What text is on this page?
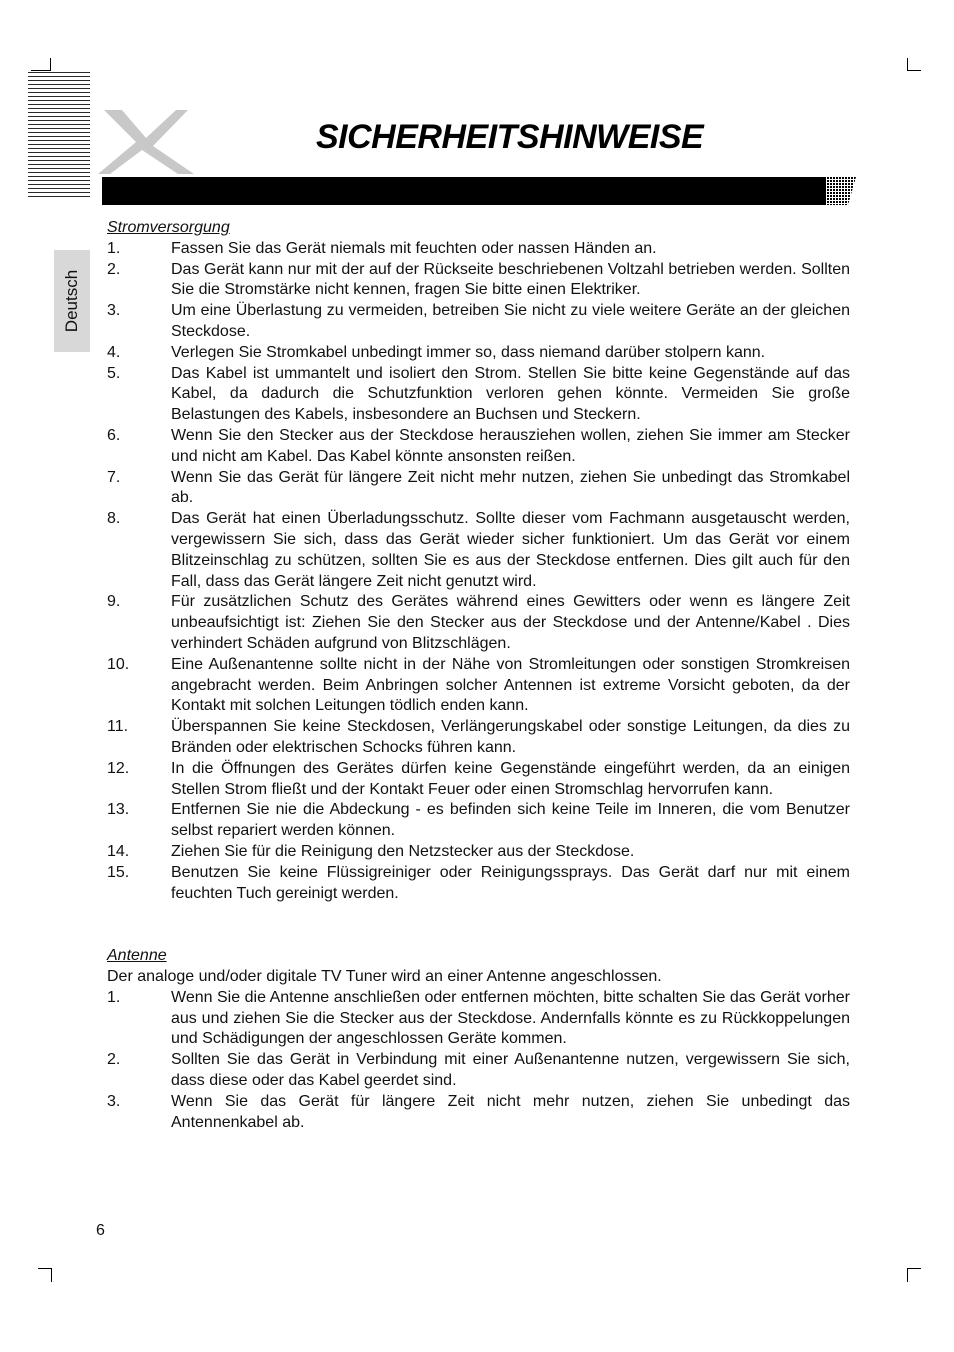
SICHERHEITSHINWEISE
Deutsch
Stromversorgung
1.	Fassen Sie das Gerät niemals mit feuchten oder nassen Händen an.
2.	Das Gerät kann nur mit der auf der Rückseite beschriebenen Voltzahl betrieben werden. Sollten Sie die Stromstärke nicht kennen, fragen Sie bitte einen Elektriker.
3.	Um eine Überlastung zu vermeiden, betreiben Sie nicht zu viele weitere Geräte an der gleichen Steckdose.
4.	Verlegen Sie Stromkabel unbedingt immer so, dass niemand darüber stolpern kann.
5.	Das Kabel ist ummantelt und isoliert den Strom. Stellen Sie bitte keine Gegenstände auf das Kabel, da dadurch die Schutzfunktion verloren gehen könnte. Vermeiden Sie große Belastungen des Kabels, insbesondere an Buchsen und Steckern.
6.	Wenn Sie den Stecker aus der Steckdose herausziehen wollen, ziehen Sie immer am Stecker und nicht am Kabel. Das Kabel könnte ansonsten reißen.
7.	Wenn Sie das Gerät für längere Zeit nicht mehr nutzen, ziehen Sie unbedingt das Stromkabel ab.
8.	Das Gerät hat einen Überladungsschutz. Sollte dieser vom Fachmann ausgetauscht werden, vergewissern Sie sich, dass das Gerät wieder sicher funktioniert. Um das Gerät vor einem Blitzeinschlag zu schützen, sollten Sie es aus der Steckdose entfernen. Dies gilt auch für den Fall, dass das Gerät längere Zeit nicht genutzt wird.
9.	Für zusätzlichen Schutz des Gerätes während eines Gewitters oder wenn es längere Zeit unbeaufsichtigt ist: Ziehen Sie den Stecker aus der Steckdose und der Antenne/Kabel . Dies verhindert Schäden aufgrund von Blitzschlägen.
10.	Eine Außenantenne sollte nicht in der Nähe von Stromleitungen oder sonstigen Stromkreisen angebracht werden. Beim Anbringen solcher Antennen ist extreme Vorsicht geboten, da der Kontakt mit solchen Leitungen tödlich enden kann.
11.	Überspannen Sie keine Steckdosen, Verlängerungskabel oder sonstige Leitungen, da dies zu Bränden oder elektrischen Schocks führen kann.
12.	In die Öffnungen des Gerätes dürfen keine Gegenstände eingeführt werden, da an einigen Stellen Strom fließt und der Kontakt Feuer oder einen Stromschlag hervorrufen kann.
13.	Entfernen Sie nie die Abdeckung - es befinden sich keine Teile im Inneren, die vom Benutzer selbst repariert werden können.
14.	Ziehen Sie für die Reinigung den Netzstecker aus der Steckdose.
15.	Benutzen Sie keine Flüssigreiniger oder Reinigungssprays. Das Gerät darf nur mit einem feuchten Tuch gereinigt werden.
Antenne
Der analoge und/oder digitale TV Tuner wird an einer Antenne angeschlossen.
1.	Wenn Sie die Antenne anschließen oder entfernen möchten, bitte schalten Sie das Gerät vorher aus und ziehen Sie die Stecker aus der Steckdose. Andernfalls könnte es zu Rückkoppelungen und Schädigungen der angeschlossen Geräte kommen.
2.	Sollten Sie das Gerät in Verbindung mit einer Außenantenne nutzen, vergewissern Sie sich, dass diese oder das Kabel geerdet sind.
3.	Wenn Sie das Gerät für längere Zeit nicht mehr nutzen, ziehen Sie unbedingt das Antennenkabel ab.
6
